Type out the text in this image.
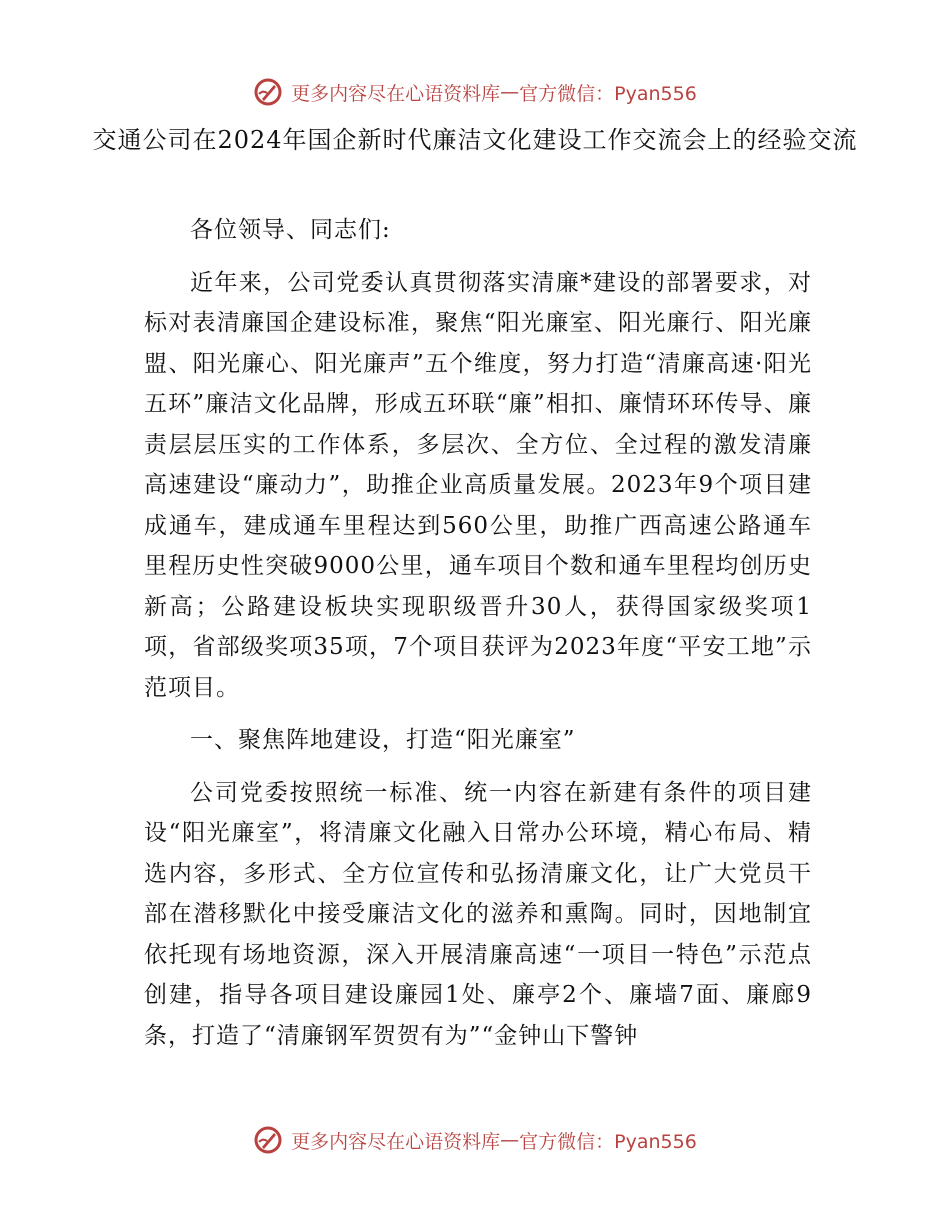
更多内容尽在心语资料库 — 官方微信：Pyan556
交通公司在2024年国企新时代廉洁文化建设工作交流会上的经验交流

各位领导、同志们:

近年来，公司党委认真贯彻落实清廉*建设的部署要求，对标对表清廉国企建设标准，聚焦“阳光廉室、阳光廉行、阳光廉盟、阳光廉心、阳光廉声”五个维度，努力打造“清廉高速·阳光五环”廉洁文化品牌，形成五环联“廉”相扣、廉情环环传导、廉责层层压实的工作体系，多层次、全方位、全过程的激发清廉高速建设“廉动力”，助推企业高质量发展。2023年9个项目建成通车，建成通车里程达到560公里，助推广西高速公路通车里程历史性突破9000公里，通车项目个数和通车里程均创历史新高；公路建设板块实现职级晋升30人，获得国家级奖项1项，省部级奖项35项，7个项目获评为2023年度“平安工地”示范项目。

一、聚焦阵地建设，打造“阳光廉室”

公司党委按照统一标准、统一内容在新建有条件的项目建设“阳光廉室”，将清廉文化融入日常办公环境，精心布局、精选内容，多形式、全方位宣传和弘扬清廉文化，让广大党员干部在潜移默化中接受廉洁文化的滋养和熏陶。同时，因地制宜依托现有场地资源，深入开展清廉高速“一项目一特色”示范点创建，指导各项目建设廉园1处、廉亭2个、廉墙7面、廉廊9条，打造了“清廉钢军贺贺有为”“金钟山下警钟

更多内容尽在心语资料库 — 官方微信：Pyan556
